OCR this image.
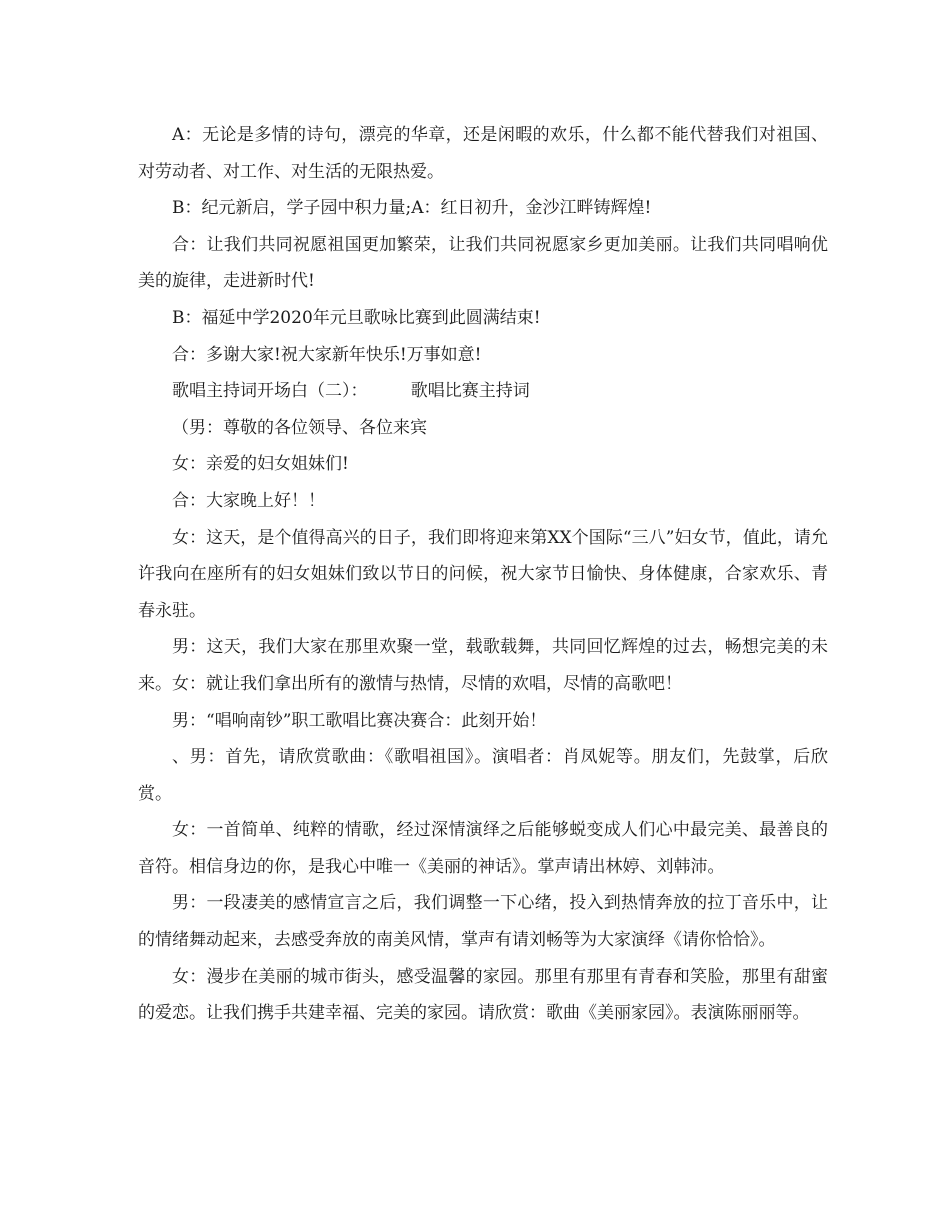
A：无论是多情的诗句，漂亮的华章，还是闲暇的欢乐，什么都不能代替我们对祖国、对劳动者、对工作、对生活的无限热爱。

B：纪元新启，学子园中积力量;A：红日初升，金沙江畔铸辉煌!

合：让我们共同祝愿祖国更加繁荣，让我们共同祝愿家乡更加美丽。让我们共同唱响优美的旋律，走进新时代!

B：福延中学2020年元旦歌咏比赛到此圆满结束!

合：多谢大家!祝大家新年快乐!万事如意!

歌唱主持词开场白（二）：        歌唱比赛主持词

（男：尊敬的各位领导、各位来宾

女：亲爱的妇女姐妹们!

合：大家晚上好！！

女：这天，是个值得高兴的日子，我们即将迎来第XX个国际“三八”妇女节，值此，请允许我向在座所有的妇女姐妹们致以节日的问候，祝大家节日愉快、身体健康，合家欢乐、青春永驻。

男：这天，我们大家在那里欢聚一堂，载歌载舞，共同回忆辉煌的过去，畅想完美的未来。女：就让我们拿出所有的激情与热情，尽情的欢唱，尽情的高歌吧！

男：“唱响南钞”职工歌唱比赛决赛合：此刻开始！

、男：首先，请欣赏歌曲：《歌唱祖国》。演唱者：肖凤妮等。朋友们，先鼓掌，后欣赏。

女：一首简单、纯粹的情歌，经过深情演绎之后能够蜕变成人们心中最完美、最善良的音符。相信身边的你，是我心中唯一《美丽的神话》。掌声请出林婷、刘韩沛。

男：一段凄美的感情宣言之后，我们调整一下心绪，投入到热情奔放的拉丁音乐中，让的情绪舞动起来，去感受奔放的南美风情，掌声有请刘畅等为大家演绎《请你恰恰》。

女：漫步在美丽的城市街头，感受温馨的家园。那里有那里有青春和笑脸，那里有甜蜜的爱恋。让我们携手共建幸福、完美的家园。请欣赏：歌曲《美丽家园》。表演陈丽丽等。
